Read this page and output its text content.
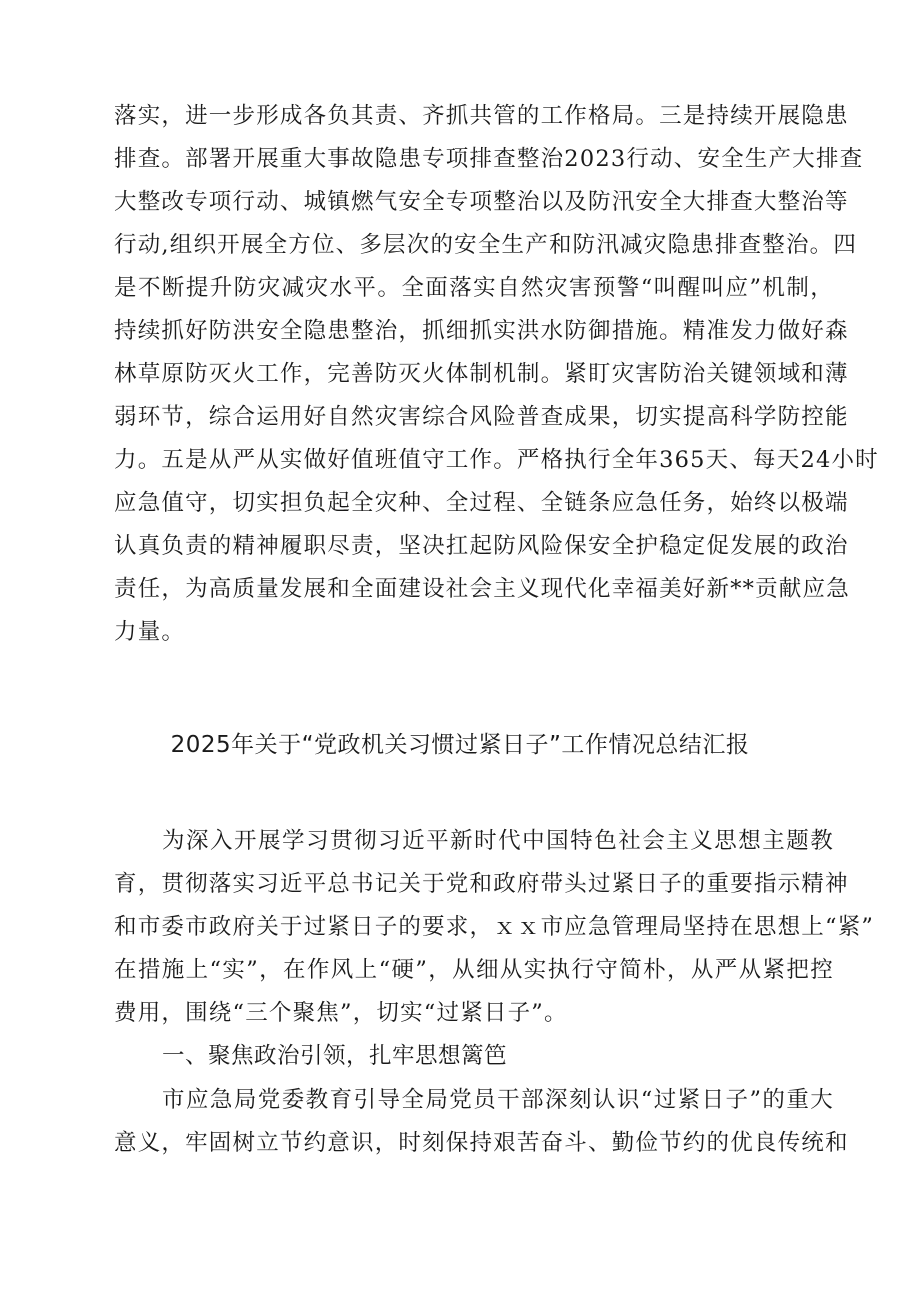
落实，进一步形成各负其责、齐抓共管的工作格局。三是持续开展隐患
排查。部署开展重大事故隐患专项排查整治2023行动、安全生产大排查
大整改专项行动、城镇燃气安全专项整治以及防汛安全大排查大整治等
行动,组织开展全方位、多层次的安全生产和防汛减灾隐患排查整治。四
是不断提升防灾减灾水平。全面落实自然灾害预警“叫醒叫应”机制，
持续抓好防洪安全隐患整治，抓细抓实洪水防御措施。精准发力做好森
林草原防灭火工作，完善防灭火体制机制。紧盯灾害防治关键领域和薄
弱环节，综合运用好自然灾害综合风险普查成果，切实提高科学防控能
力。五是从严从实做好值班值守工作。严格执行全年365天、每天24小时
应急值守，切实担负起全灾种、全过程、全链条应急任务，始终以极端
认真负责的精神履职尽责，坚决扛起防风险保安全护稳定促发展的政治
责任，为高质量发展和全面建设社会主义现代化幸福美好新**贡献应急
力量。
2025年关于“党政机关习惯过紧日子”工作情况总结汇报
为深入开展学习贯彻习近平新时代中国特色社会主义思想主题教
育，贯彻落实习近平总书记关于党和政府带头过紧日子的重要指示精神
和市委市政府关于过紧日子的要求，ｘｘ市应急管理局坚持在思想上“紧”
在措施上“实”，在作风上“硬”，从细从实执行守简朴，从严从紧把控
费用，围绕“三个聚焦”，切实“过紧日子”。
一、聚焦政治引领，扎牢思想篱笆
市应急局党委教育引导全局党员干部深刻认识“过紧日子”的重大
意义，牢固树立节约意识，时刻保持艰苦奋斗、勤俭节约的优良传统和
